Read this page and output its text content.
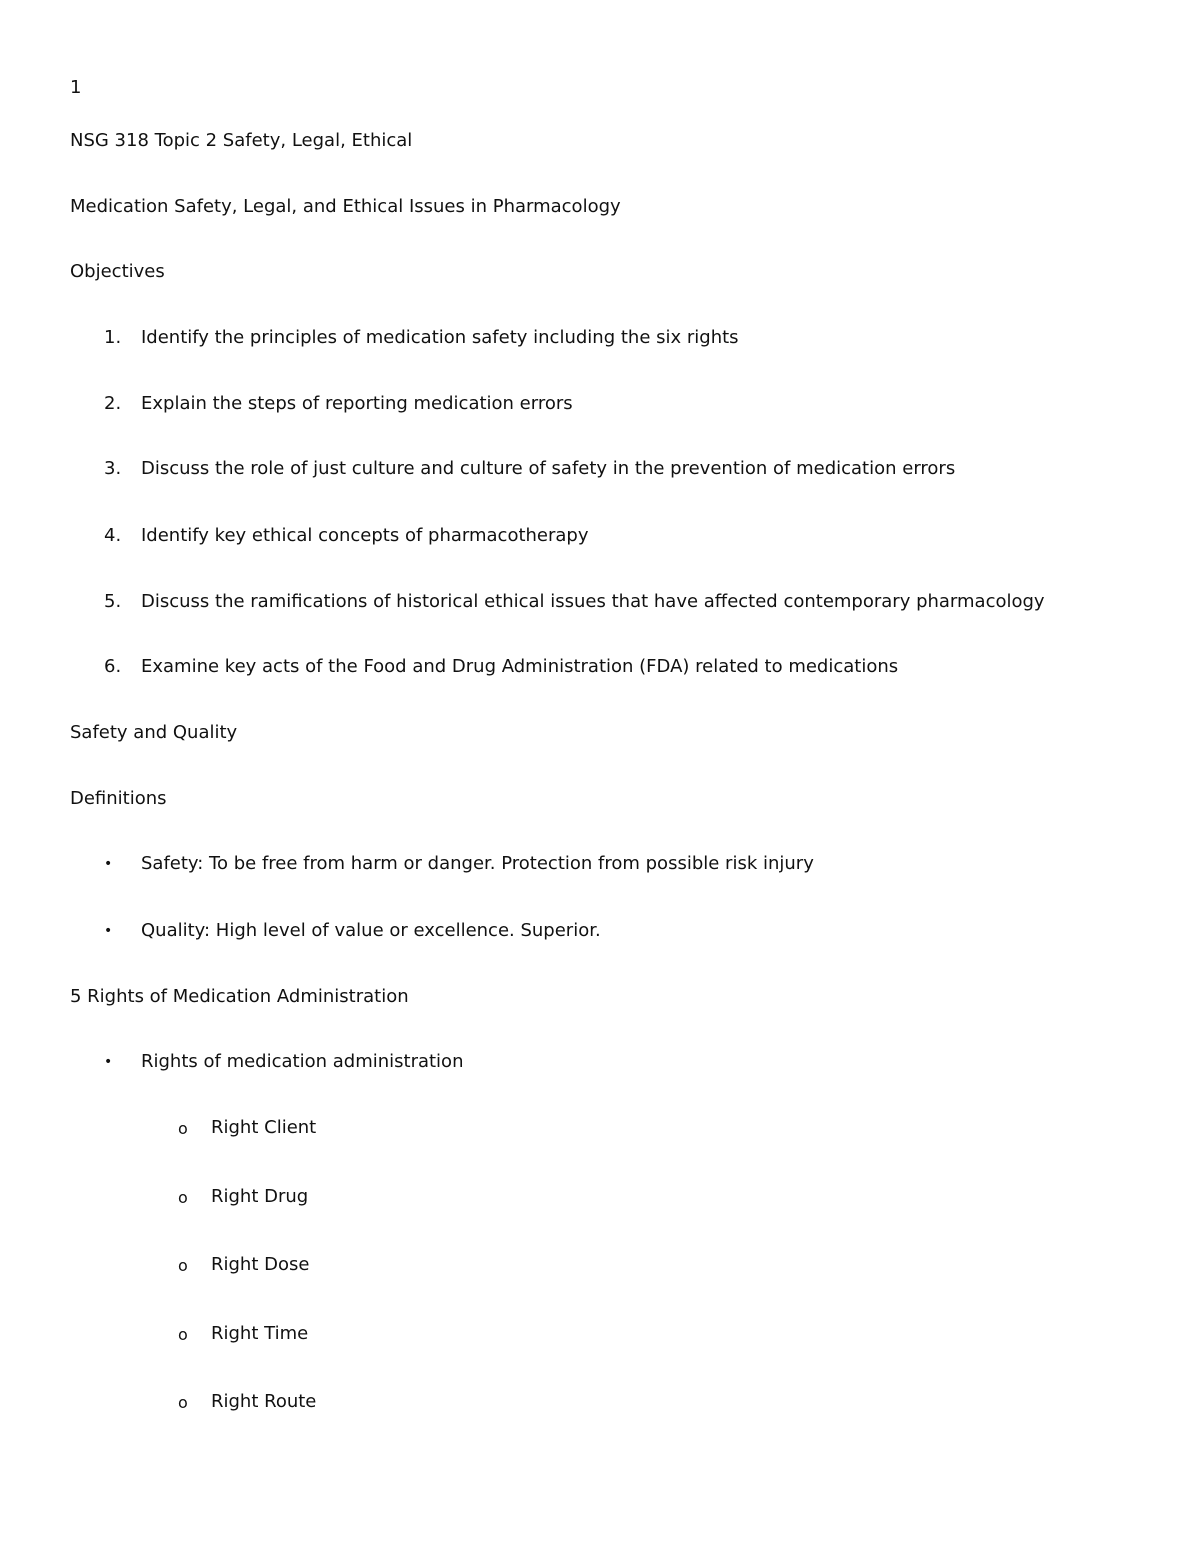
1
NSG 318 Topic 2 Safety, Legal, Ethical
Medication Safety, Legal, and Ethical Issues in Pharmacology
Objectives
1. Identify the principles of medication safety including the six rights
2. Explain the steps of reporting medication errors
3. Discuss the role of just culture and culture of safety in the prevention of medication errors
4. Identify key ethical concepts of pharmacotherapy
5. Discuss the ramifications of historical ethical issues that have affected contemporary pharmacology
6. Examine key acts of the Food and Drug Administration (FDA) related to medications
Safety and Quality
Definitions
• Safety: To be free from harm or danger. Protection from possible risk injury
• Quality: High level of value or excellence. Superior.
5 Rights of Medication Administration
• Rights of medication administration
o Right Client
o Right Drug
o Right Dose
o Right Time
o Right Route
